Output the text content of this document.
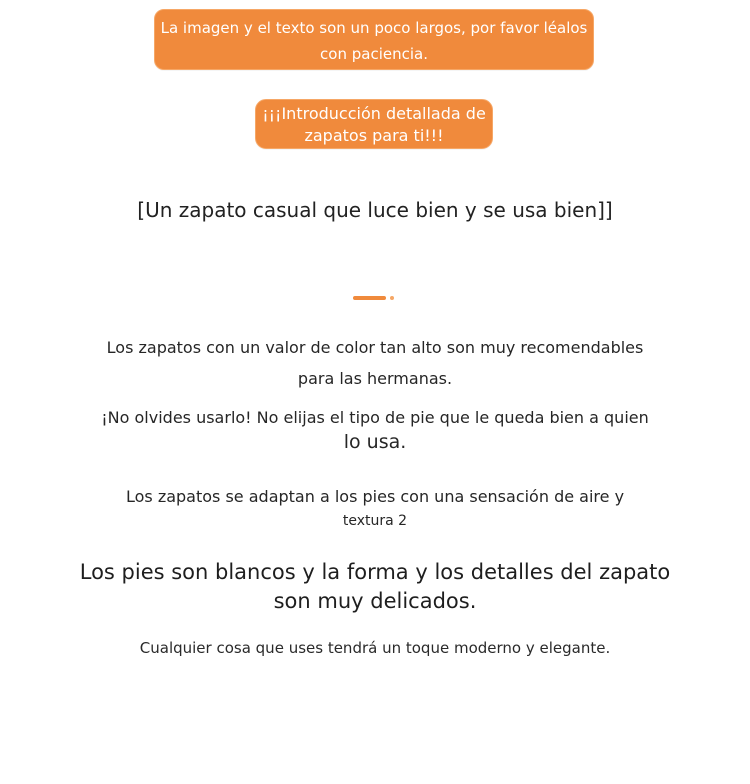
La imagen y el texto son un poco largos, por favor léalos
con paciencia.
¡¡¡Introducción detallada de
zapatos para ti!!!
[Un zapato casual que luce bien y se usa bien]]
Los zapatos con un valor de color tan alto son muy recomendables
para las hermanas.
¡No olvides usarlo! No elijas el tipo de pie que le queda bien a quien
lo usa.
Los zapatos se adaptan a los pies con una sensación de aire y
textura 2
Los pies son blancos y la forma y los detalles del zapato
son muy delicados.
Cualquier cosa que uses tendrá un toque moderno y elegante.
